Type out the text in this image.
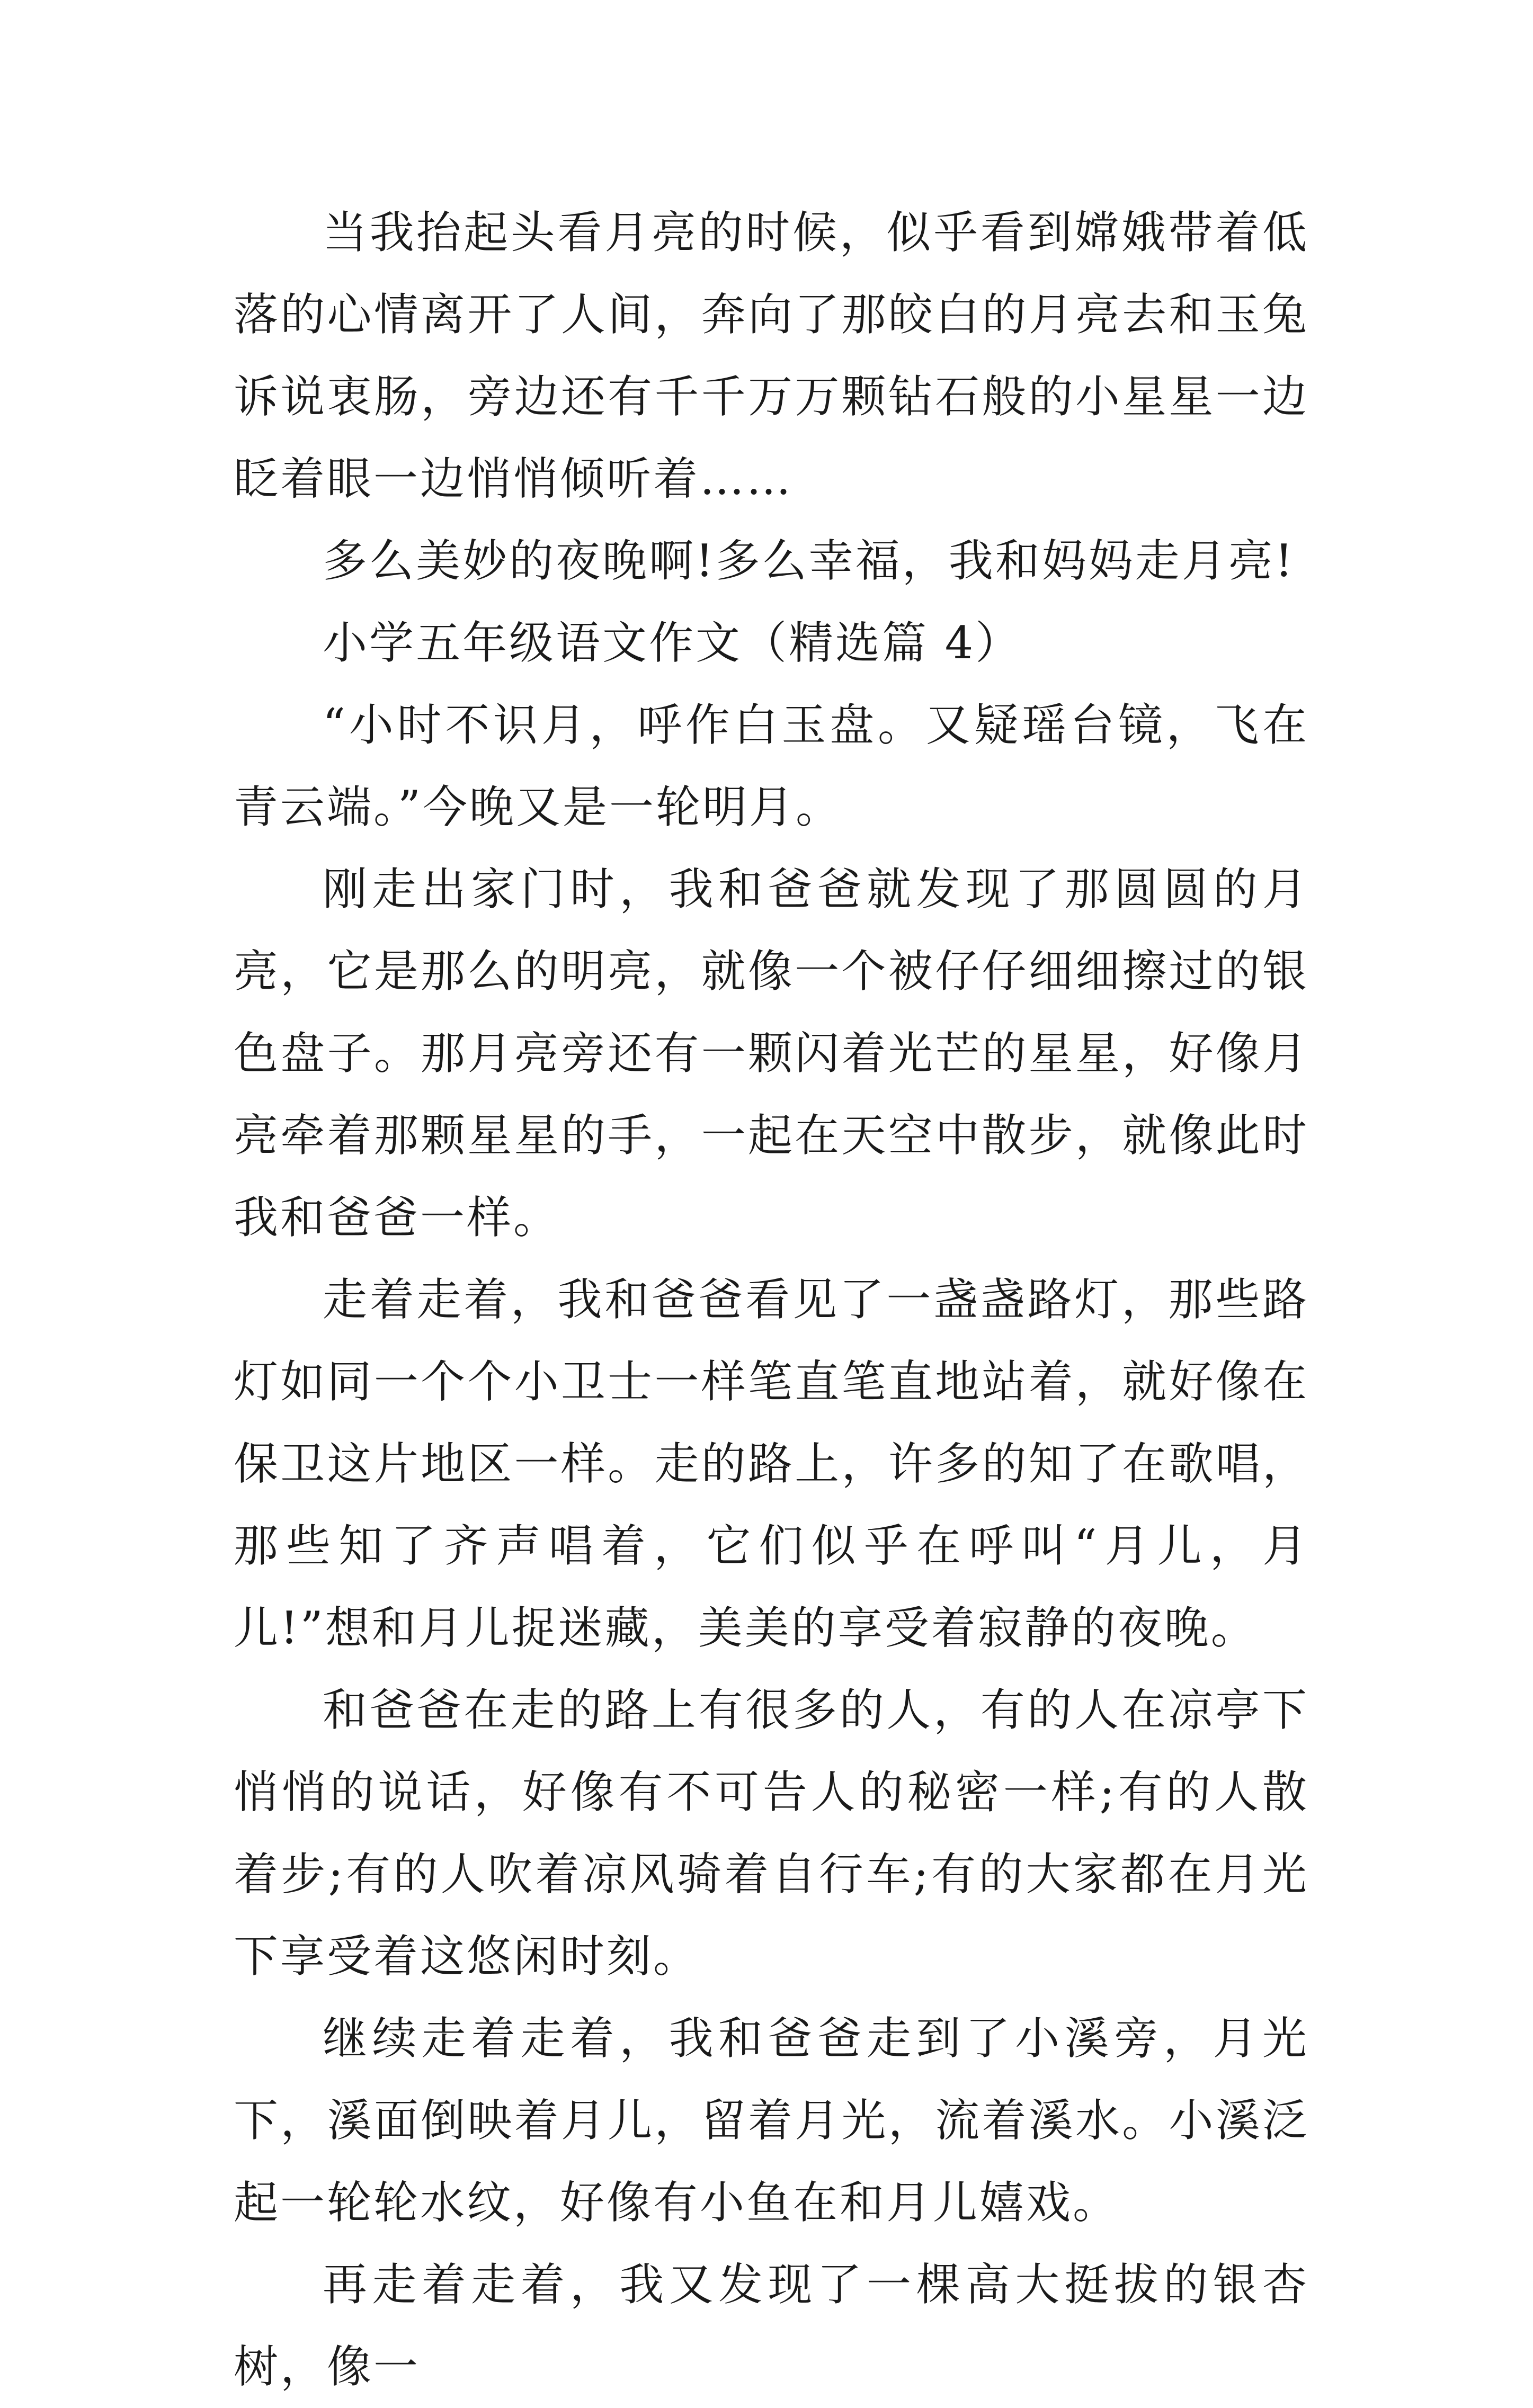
当我抬起头看月亮的时候，似乎看到嫦娥带着低落的心情离开了人间，奔向了那皎白的月亮去和玉兔诉说衷肠，旁边还有千千万万颗钻石般的小星星一边眨着眼一边悄悄倾听着……

多么美妙的夜晚啊!多么幸福，我和妈妈走月亮!

小学五年级语文作文（精选篇 4）

“小时不识月，呼作白玉盘。又疑瑶台镜，飞在青云端。”今晚又是一轮明月。

刚走出家门时，我和爸爸就发现了那圆圆的月亮，它是那么的明亮，就像一个被仔仔细细擦过的银色盘子。那月亮旁还有一颗闪着光芒的星星，好像月亮牵着那颗星星的手，一起在天空中散步，就像此时我和爸爸一样。

走着走着，我和爸爸看见了一盏盏路灯，那些路灯如同一个个小卫士一样笔直笔直地站着，就好像在保卫这片地区一样。走的路上，许多的知了在歌唱，那些知了齐声唱着，它们似乎在呼叫“月儿，月儿!”想和月儿捉迷藏，美美的享受着寂静的夜晚。

和爸爸在走的路上有很多的人，有的人在凉亭下悄悄的说话，好像有不可告人的秘密一样;有的人散着步;有的人吹着凉风骑着自行车;有的大家都在月光下享受着这悠闲时刻。

继续走着走着，我和爸爸走到了小溪旁，月光下，溪面倒映着月儿，留着月光，流着溪水。小溪泛起一轮轮水纹，好像有小鱼在和月儿嬉戏。

再走着走着，我又发现了一棵高大挺拔的银杏树，像一
